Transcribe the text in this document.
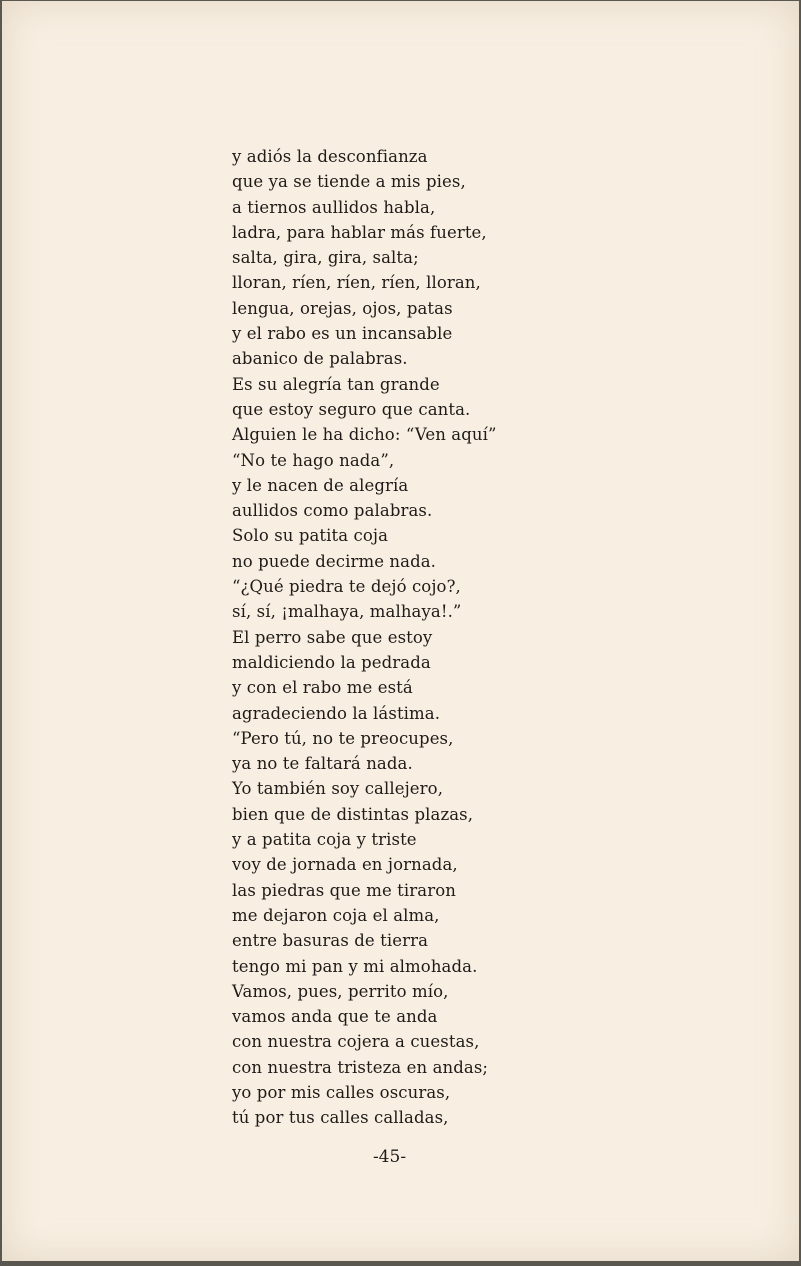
y adiós la desconfianza
que ya se tiende a mis pies,
a tiernos aullidos habla,
ladra, para hablar más fuerte,
salta, gira, gira, salta;
lloran, ríen, ríen, ríen, lloran,
lengua, orejas, ojos, patas
y el rabo es un incansable
abanico de palabras.
Es su alegría tan grande
que estoy seguro que canta.
Alguien le ha dicho: “Ven aquí”
“No te hago nada”,
y le nacen de alegría
aullidos como palabras.
Solo su patita coja
no puede decirme nada.
“¿Qué piedra te dejó cojo?,
sí, sí, ¡malhaya, malhaya!.”
El perro sabe que estoy
maldiciendo la pedrada
y con el rabo me está
agradeciendo la lástima.
“Pero tú, no te preocupes,
ya no te faltará nada.
Yo también soy callejero,
bien que de distintas plazas,
y a patita coja y triste
voy de jornada en jornada,
las piedras que me tiraron
me dejaron coja el alma,
entre basuras de tierra
tengo mi pan y mi almohada.
Vamos, pues, perrito mío,
vamos anda que te anda
con nuestra cojera a cuestas,
con nuestra tristeza en andas;
yo por mis calles oscuras,
tú por tus calles calladas,
-45-
